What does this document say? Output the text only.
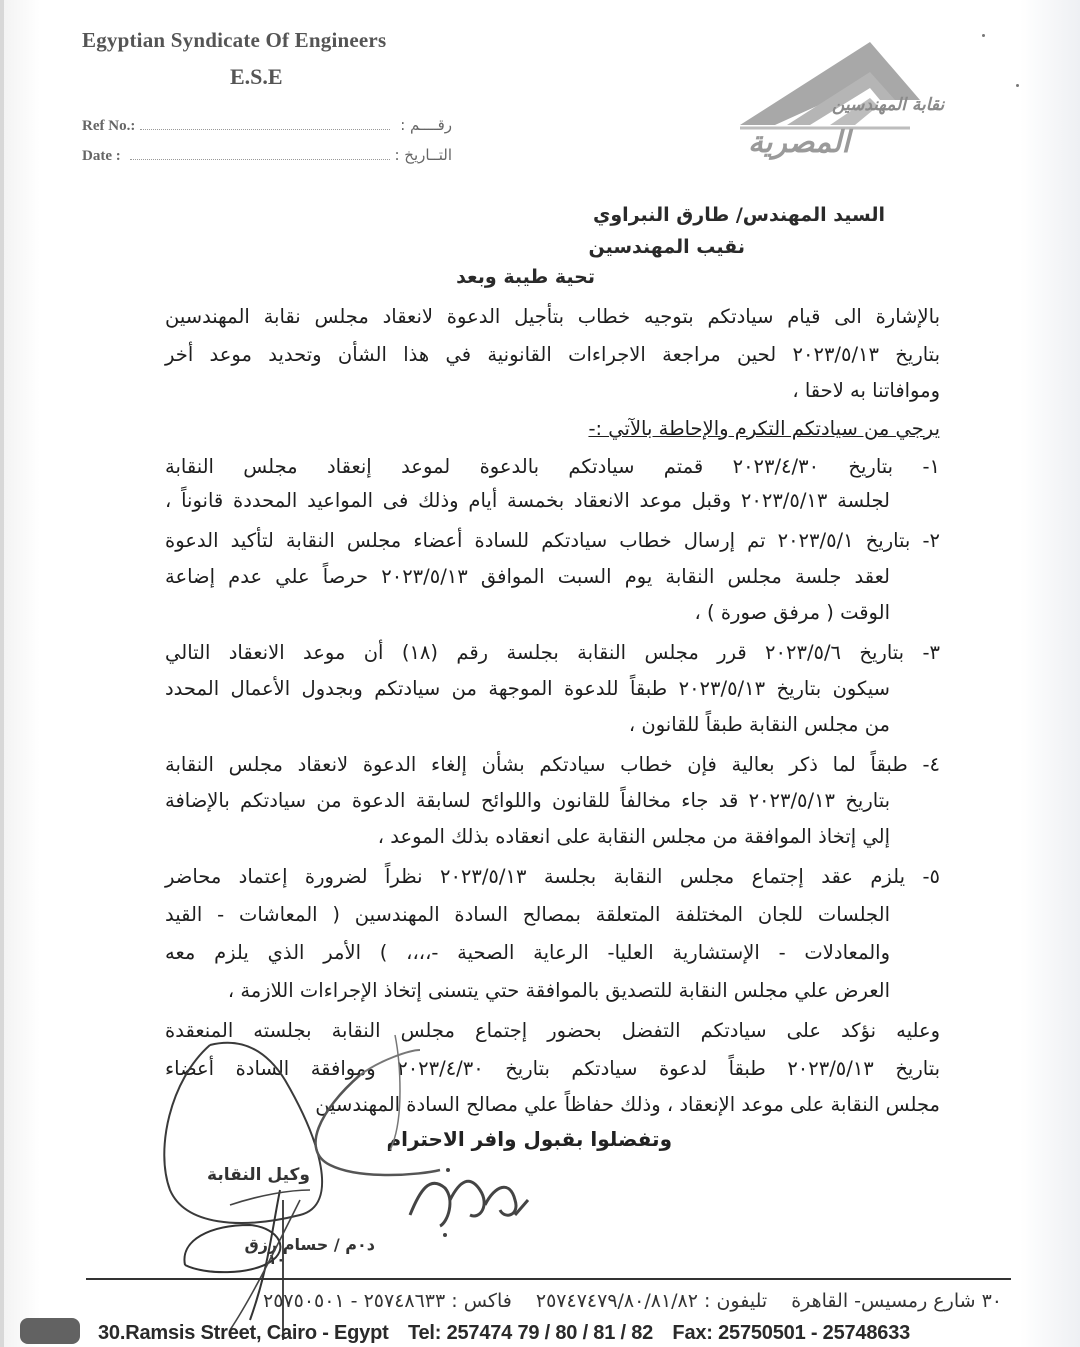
Egyptian Syndicate Of Engineers
E.S.E
Ref No.:	رقــــم :
Date :	التــاريخ :
نقابة المهندسين
المصرية
السيد المهندس/ طارق النبراوي
نقيب المهندسين
تحية طيبة وبعد
بالإشارة الى قيام سيادتكم بتوجيه خطاب بتأجيل الدعوة لانعقاد مجلس نقابة المهندسين
بتاريخ ٢٠٢٣/٥/١٣ لحين مراجعة الاجراءات القانونية في هذا الشأن وتحديد موعد أخر
وموافاتنا به لاحقا ،
يرجي من سيادتكم التكرم والإحاطة بالآتي :-
١- بتاريخ ٢٠٢٣/٤/٣٠ قمتم سيادتكم بالدعوة لموعد إنعقاد مجلس النقابة
لجلسة ٢٠٢٣/٥/١٣ وقبل موعد الانعقاد بخمسة أيام وذلك فى المواعيد المحددة قانوناً ،
٢- بتاريخ ٢٠٢٣/٥/١ تم إرسال خطاب سيادتكم للسادة أعضاء مجلس النقابة لتأكيد الدعوة
لعقد جلسة مجلس النقابة يوم السبت الموافق ٢٠٢٣/٥/١٣ حرصاً علي عدم إضاعة
الوقت ( مرفق صورة ) ،
٣- بتاريخ ٢٠٢٣/٥/٦ قرر مجلس النقابة بجلسة رقم (١٨) أن موعد الانعقاد التالي
سيكون بتاريخ ٢٠٢٣/٥/١٣ طبقاً للدعوة الموجهة من سيادتكم وبجدول الأعمال المحدد
من مجلس النقابة طبقاً للقانون ،
٤- طبقاً لما ذكر بعالية فإن خطاب سيادتكم بشأن إلغاء الدعوة لانعقاد مجلس النقابة
بتاريخ ٢٠٢٣/٥/١٣ قد جاء مخالفاً للقانون واللوائح لسابقة الدعوة من سيادتكم بالإضافة
إلي إتخاذ الموافقة من مجلس النقابة على انعقاده بذلك الموعد ،
٥- يلزم عقد إجتماع مجلس النقابة بجلسة ٢٠٢٣/٥/١٣ نظراً لضرورة إعتماد محاضر
الجلسات للجان المختلفة المتعلقة بمصالح السادة المهندسين ( المعاشات - القيد
والمعادلات - الإستشارية العليا- الرعاية الصحية -،،،، ) الأمر الذي يلزم معه
العرض علي مجلس النقابة للتصديق بالموافقة حتي يتسنى إتخاذ الإجراءات اللازمة ،
وعليه نؤكد على سيادتكم التفضل بحضور إجتماع مجلس النقابة بجلسته المنعقدة
بتاريخ ٢٠٢٣/٥/١٣ طبقاً لدعوة سيادتكم بتاريخ ٢٠٢٣/٤/٣٠ وموافقة السادة أعضاء
مجلس النقابة على موعد الإنعقاد ، وذلك حفاظاً علي مصالح السادة المهندسين
وتفضلوا بقبول وافر الاحترام
وكيل النقابة
د٠م / حسام رزق
١٠
٣٠ شارع رمسيس- القاهرة تليفون : ٢٥٧٤٧٤٧٩/٨٠/٨١/٨٢ فاكس : ٢٥٧٤٨٦٣٣ - ٢٥٧٥٠٥٠١
30.Ramsis Street, Cairo - Egypt Tel: 257474 79 / 80 / 81 / 82 Fax: 25750501 - 25748633
